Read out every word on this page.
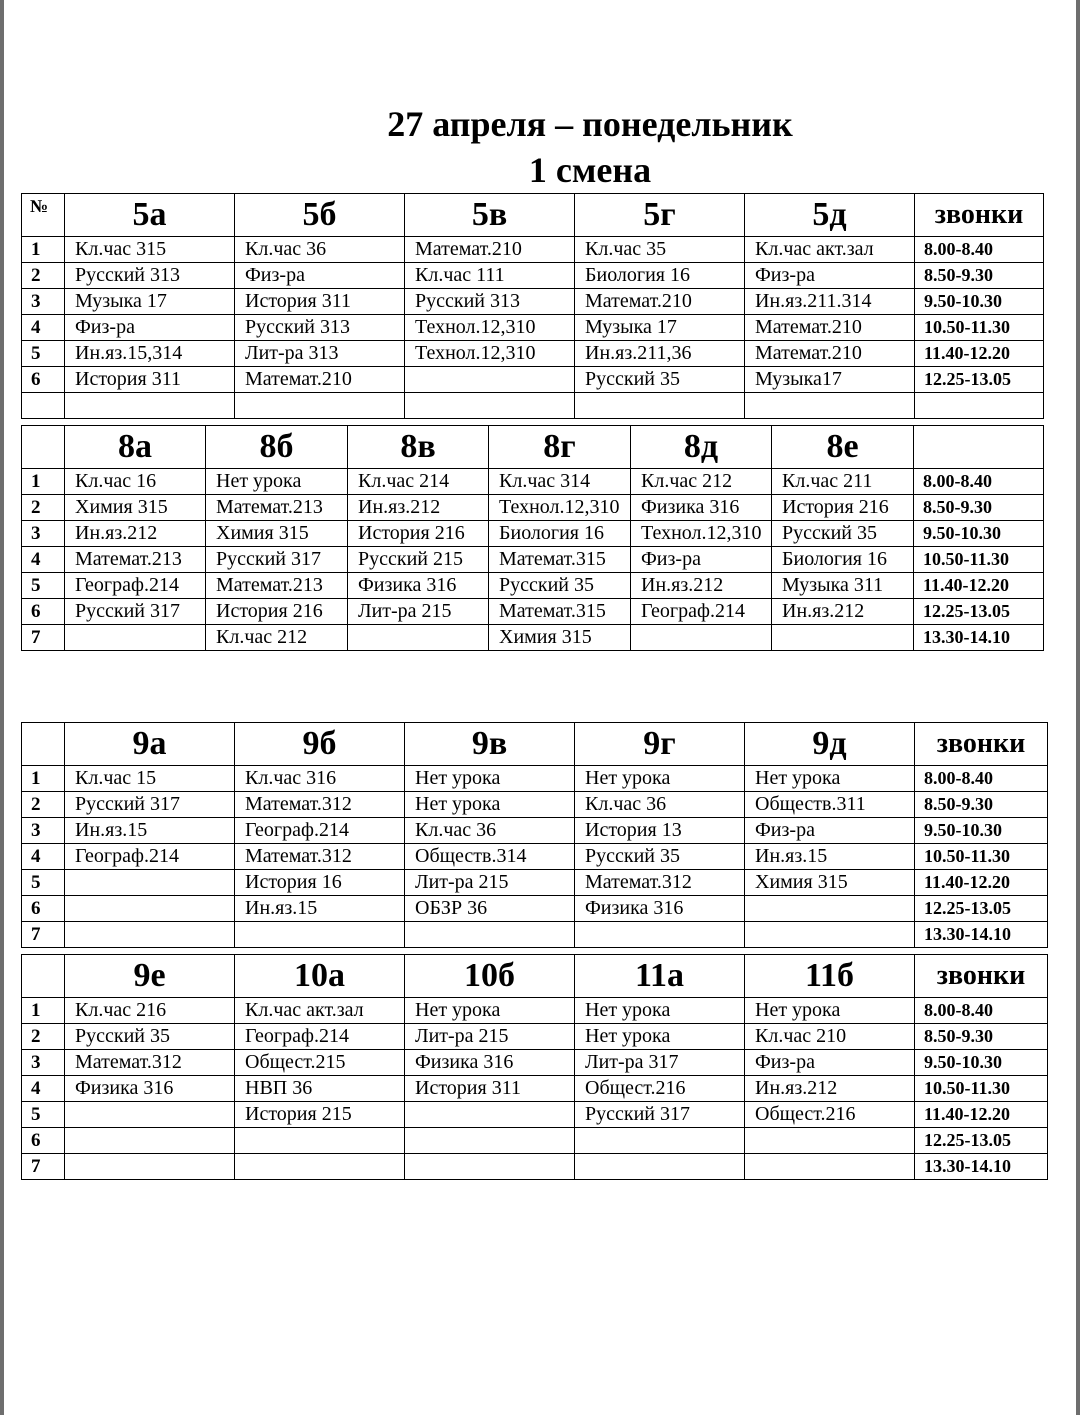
27 апреля – понедельник
1 смена
№	5а	5б	5в	5г	5д	звонки
1	Кл.час 315	Кл.час 36	Математ.210	Кл.час 35	Кл.час акт.зал	8.00-8.40
2	Русский 313	Физ-ра	Кл.час 111	Биология 16	Физ-ра	8.50-9.30
3	Музыка 17	История 311	Русский 313	Математ.210	Ин.яз.211.314	9.50-10.30
4	Физ-ра	Русский 313	Технол.12,310	Музыка 17	Математ.210	10.50-11.30
5	Ин.яз.15,314	Лит-ра 313	Технол.12,310	Ин.яз.211,36	Математ.210	11.40-12.20
6	История 311	Математ.210		Русский 35	Музыка17	12.25-13.05

	8а	8б	8в	8г	8д	8е	
1	Кл.час 16	Нет урока	Кл.час 214	Кл.час 314	Кл.час 212	Кл.час 211	8.00-8.40
2	Химия 315	Математ.213	Ин.яз.212	Технол.12,310	Физика 316	История 216	8.50-9.30
3	Ин.яз.212	Химия 315	История 216	Биология 16	Технол.12,310	Русский 35	9.50-10.30
4	Математ.213	Русский 317	Русский 215	Математ.315	Физ-ра	Биология 16	10.50-11.30
5	Географ.214	Математ.213	Физика 316	Русский 35	Ин.яз.212	Музыка 311	11.40-12.20
6	Русский 317	История 216	Лит-ра 215	Математ.315	Географ.214	Ин.яз.212	12.25-13.05
7		Кл.час 212		Химия 315			13.30-14.10
	9а	9б	9в	9г	9д	звонки
1	Кл.час 15	Кл.час 316	Нет урока	Нет урока	Нет урока	8.00-8.40
2	Русский 317	Математ.312	Нет урока	Кл.час 36	Обществ.311	8.50-9.30
3	Ин.яз.15	Географ.214	Кл.час 36	История 13	Физ-ра	9.50-10.30
4	Географ.214	Математ.312	Обществ.314	Русский 35	Ин.яз.15	10.50-11.30
5		История 16	Лит-ра 215	Математ.312	Химия 315	11.40-12.20
6		Ин.яз.15	ОБЗР 36	Физика 316		12.25-13.05
7						13.30-14.10
	9е	10а	10б	11а	11б	звонки
1	Кл.час 216	Кл.час акт.зал	Нет урока	Нет урока	Нет урока	8.00-8.40
2	Русский 35	Географ.214	Лит-ра 215	Нет урока	Кл.час 210	8.50-9.30
3	Математ.312	Общест.215	Физика 316	Лит-ра 317	Физ-ра	9.50-10.30
4	Физика 316	НВП 36	История 311	Общест.216	Ин.яз.212	10.50-11.30
5		История 215		Русский 317	Общест.216	11.40-12.20
6						12.25-13.05
7						13.30-14.10
